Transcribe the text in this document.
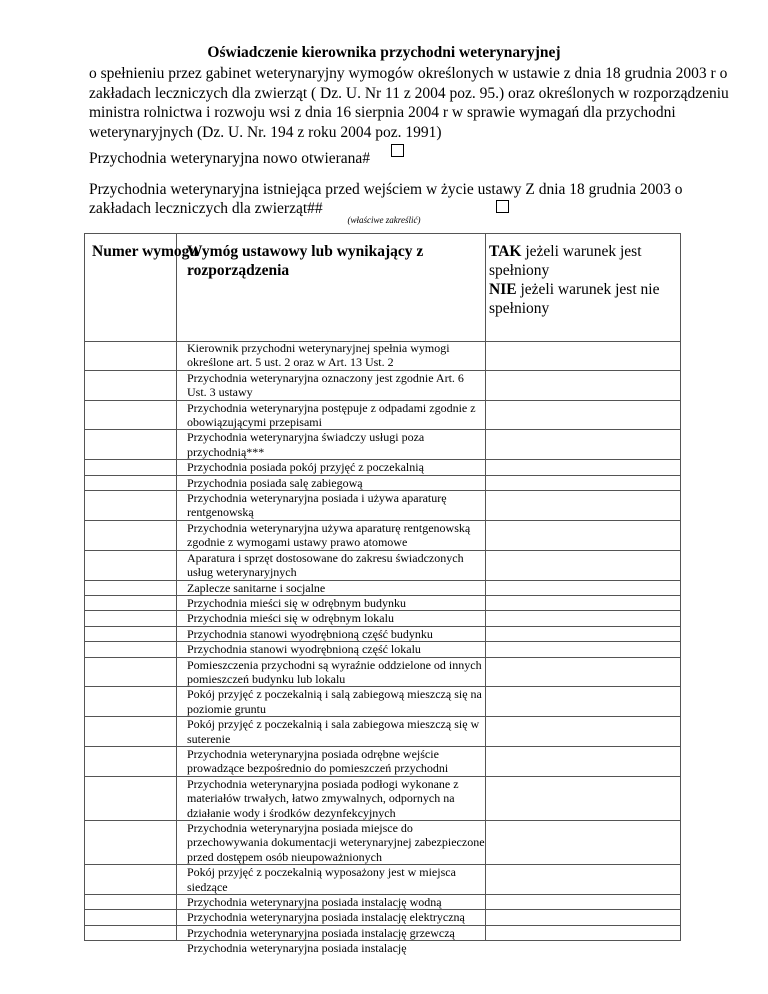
Oświadczenie kierownika przychodni weterynaryjnej
o spełnieniu przez gabinet weterynaryjny wymogów określonych w ustawie z dnia 18 grudnia 2003 r o zakładach leczniczych dla zwierząt ( Dz. U. Nr 11 z 2004 poz. 95.) oraz określonych w rozporządzeniu ministra rolnictwa i rozwoju wsi z dnia 16 sierpnia 2004 r w sprawie wymagań dla przychodni weterynaryjnych (Dz. U. Nr. 194 z roku 2004 poz. 1991)
Przychodnia weterynaryjna nowo otwierana#
Przychodnia weterynaryjna istniejąca przed wejściem w życie ustawy Z dnia 18 grudnia 2003 o zakładach leczniczych dla zwierząt##
(właściwe zakreślić)
Numer wymogu
Wymóg ustawowy lub wynikający z rozporządzenia
TAK jeżeli warunek jest spełniony
NIE jeżeli warunek jest nie spełniony
Kierownik przychodni weterynaryjnej spełnia wymogi określone art. 5 ust. 2 oraz w Art. 13 Ust. 2
Przychodnia weterynaryjna oznaczony jest zgodnie Art. 6 Ust. 3 ustawy
Przychodnia weterynaryjna postępuje z odpadami zgodnie z obowiązującymi przepisami
Przychodnia weterynaryjna świadczy usługi poza przychodnią***
Przychodnia posiada pokój przyjęć z poczekalnią
Przychodnia posiada salę zabiegową
Przychodnia weterynaryjna posiada i używa aparaturę rentgenowską
Przychodnia weterynaryjna używa aparaturę rentgenowską zgodnie z wymogami ustawy prawo atomowe
Aparatura i sprzęt dostosowane do zakresu świadczonych usług weterynaryjnych
Zaplecze sanitarne i socjalne
Przychodnia mieści się w odrębnym budynku
Przychodnia mieści się w odrębnym lokalu
Przychodnia stanowi wyodrębnioną część budynku
Przychodnia stanowi wyodrębnioną część lokalu
Pomieszczenia przychodni są wyraźnie oddzielone od innych pomieszczeń budynku lub lokalu
Pokój przyjęć z poczekalnią i salą zabiegową mieszczą się na poziomie gruntu
Pokój przyjęć z poczekalnią i sala zabiegowa mieszczą się w suterenie
Przychodnia weterynaryjna posiada odrębne wejście prowadzące bezpośrednio do pomieszczeń przychodni
Przychodnia weterynaryjna posiada podłogi wykonane z materiałów trwałych, łatwo zmywalnych, odpornych na działanie wody i środków dezynfekcyjnych
Przychodnia weterynaryjna posiada miejsce do przechowywania dokumentacji weterynaryjnej zabezpieczone przed dostępem osób nieupoważnionych
Pokój przyjęć z poczekalnią wyposażony jest w miejsca siedzące
Przychodnia weterynaryjna posiada instalację wodną
Przychodnia weterynaryjna posiada instalację elektryczną
Przychodnia weterynaryjna posiada instalację grzewczą
Przychodnia weterynaryjna posiada instalację
